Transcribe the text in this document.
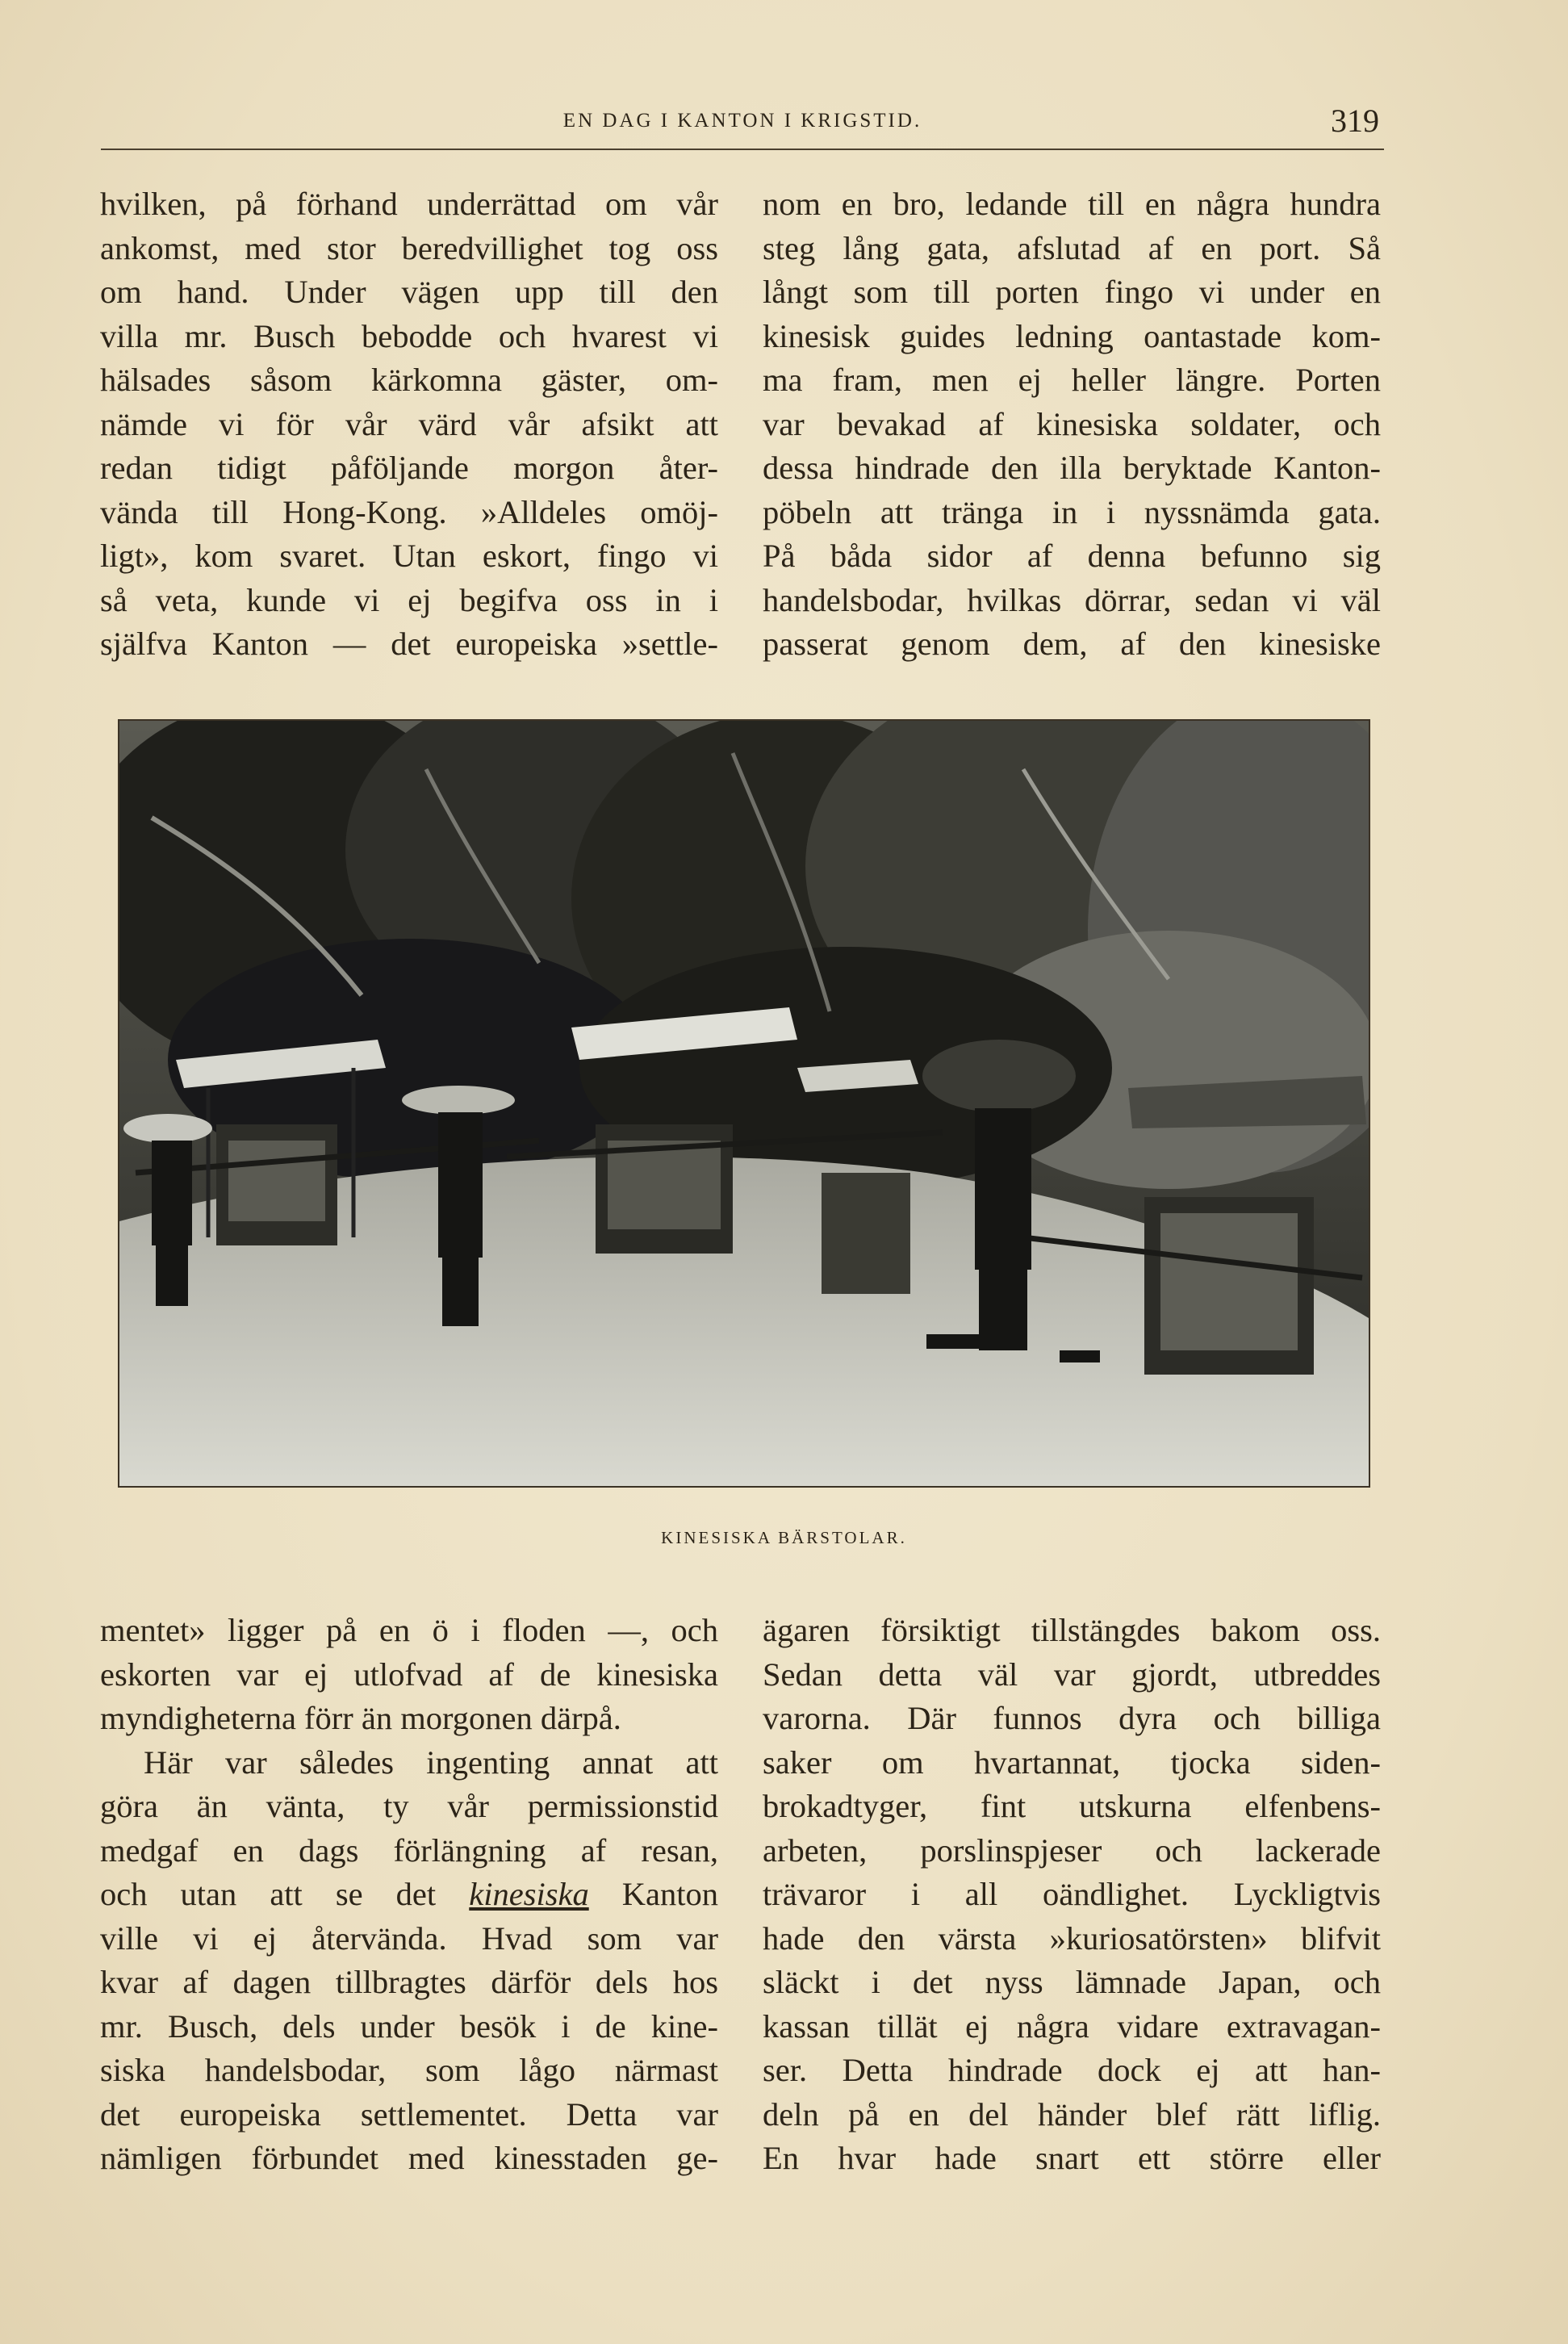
EN DAG I KANTON I KRIGSTID.	319
hvilken, på förhand underrättad om vår
ankomst, med stor beredvillighet tog oss
om hand. Under vägen upp till den
villa mr. Busch bebodde och hvarest vi
hälsades såsom kärkomna gäster, om-
nämde vi för vår värd vår afsikt att
redan tidigt påföljande morgon åter-
vända till Hong-Kong. »Alldeles omöj-
ligt», kom svaret. Utan eskort, fingo vi
så veta, kunde vi ej begifva oss in i
själfva Kanton — det europeiska »settle-
nom en bro, ledande till en några hundra
steg lång gata, afslutad af en port. Så
långt som till porten fingo vi under en
kinesisk guides ledning oantastade kom-
ma fram, men ej heller längre. Porten
var bevakad af kinesiska soldater, och
dessa hindrade den illa beryktade Kanton-
pöbeln att tränga in i nyssnämda gata.
På båda sidor af denna befunno sig
handelsbodar, hvilkas dörrar, sedan vi väl
passerat genom dem, af den kinesiske
KINESISKA BÄRSTOLAR.
mentet» ligger på en ö i floden —, och
eskorten var ej utlofvad af de kinesiska
myndigheterna förr än morgonen därpå.
Här var således ingenting annat att
göra än vänta, ty vår permissionstid
medgaf en dags förlängning af resan,
och utan att se det kinesiska Kanton
ville vi ej återvända. Hvad som var
kvar af dagen tillbragtes därför dels hos
mr. Busch, dels under besök i de kine-
siska handelsbodar, som lågo närmast
det europeiska settlementet. Detta var
nämligen förbundet med kinesstaden ge-
ägaren försiktigt tillstängdes bakom oss.
Sedan detta väl var gjordt, utbreddes
varorna. Där funnos dyra och billiga
saker om hvartannat, tjocka siden-
brokadtyger, fint utskurna elfenbens-
arbeten, porslinspjeser och lackerade
trävaror i all oändlighet. Lyckligtvis
hade den värsta »kuriosatörsten» blifvit
släckt i det nyss lämnade Japan, och
kassan tillät ej några vidare extravagan-
ser. Detta hindrade dock ej att han-
deln på en del händer blef rätt liflig.
En hvar hade snart ett större eller
